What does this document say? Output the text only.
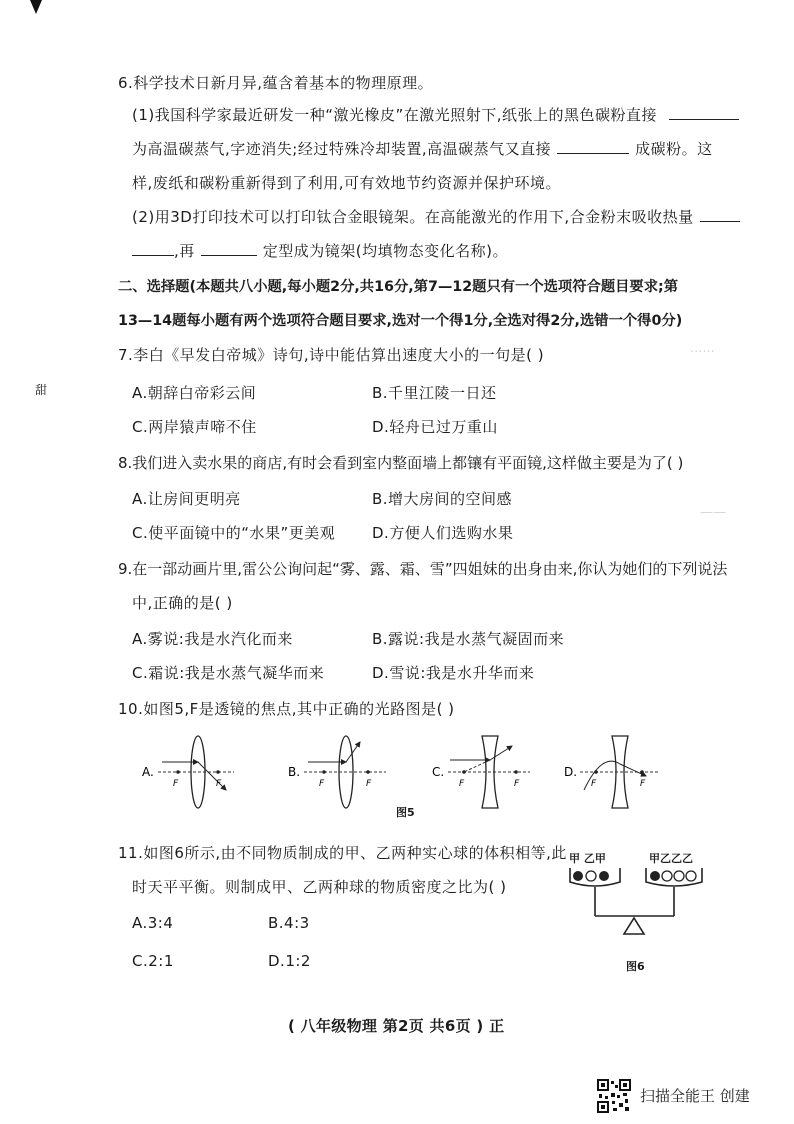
······
——
甜
6.科学技术日新月异,蕴含着基本的物理原理。
(1)我国科学家最近研发一种“激光橡皮”在激光照射下,纸张上的黑色碳粉直接
为高温碳蒸气,字迹消失;经过特殊冷却装置,高温碳蒸气又直接	成碳粉。这
样,废纸和碳粉重新得到了利用,可有效地节约资源并保护环境。
(2)用3D打印技术可以打印钛合金眼镜架。在高能激光的作用下,合金粉末吸收热量
,再	定型成为镜架(均填物态变化名称)。
二、选择题(本题共八小题,每小题2分,共16分,第7—12题只有一个选项符合题目要求;第
13—14题每小题有两个选项符合题目要求,选对一个得1分,全选对得2分,选错一个得0分)
7.李白《早发白帝城》诗句,诗中能估算出速度大小的一句是( )
A.朝辞白帝彩云间	B.千里江陵一日还
C.两岸猿声啼不住	D.轻舟已过万重山
8.我们进入卖水果的商店,有时会看到室内整面墙上都镶有平面镜,这样做主要是为了( )
A.让房间更明亮	B.增大房间的空间感
C.使平面镜中的“水果”更美观 D.方便人们选购水果
9.在一部动画片里,雷公公询问起“雾、露、霜、雪”四姐妹的出身由来,你认为她们的下列说法
中,正确的是( )
A.雾说:我是水汽化而来	B.露说:我是水蒸气凝固而来
C.霜说:我是水蒸气凝华而来	D.雪说:我是水升华而来
10.如图5,F是透镜的焦点,其中正确的光路图是( )
A.
F	F
B.
F	F
C.
F	F
D.
F	F
图5
11.如图6所示,由不同物质制成的甲、乙两种实心球的体积相等,此
时天平平衡。则制成甲、乙两种球的物质密度之比为( )
A.3:4	B.4:3
C.2:1	D.1:2
甲 乙甲	甲乙乙乙
图6
( 八年级物理 第2页 共6页 ) 正
扫描全能王 创建
